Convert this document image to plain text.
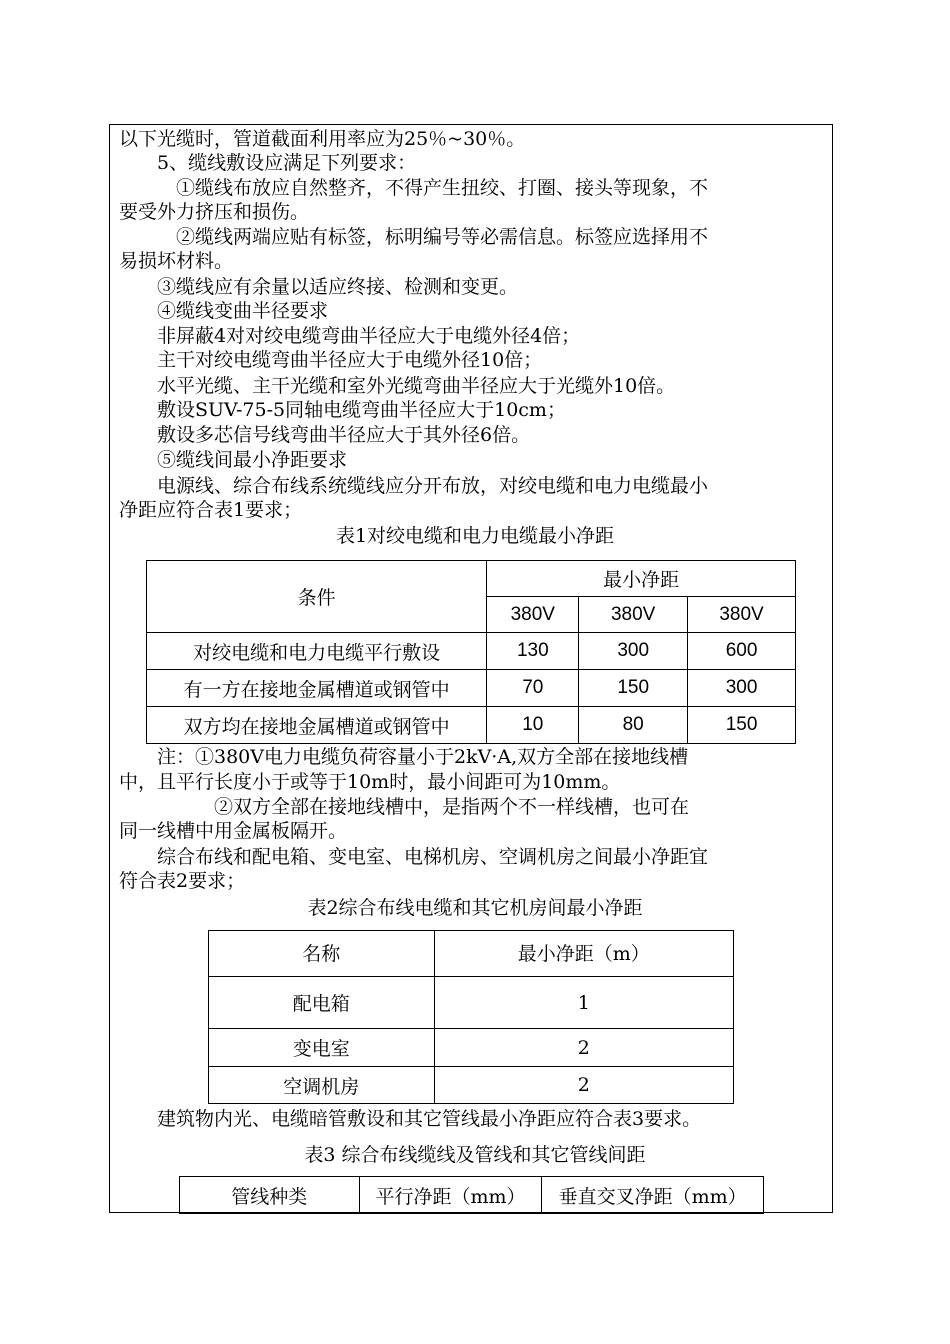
以下光缆时，管道截面利用率应为25％~30％。
　　5、缆线敷设应满足下列要求：
　　　①缆线布放应自然整齐，不得产生扭绞、打圈、接头等现象，不
要受外力挤压和损伤。
　　　②缆线两端应贴有标签，标明编号等必需信息。标签应选择用不
易损坏材料。
　　③缆线应有余量以适应终接、检测和变更。
　　④缆线变曲半径要求
　　非屏蔽4对对绞电缆弯曲半径应大于电缆外径4倍；
　　主干对绞电缆弯曲半径应大于电缆外径10倍；
　　水平光缆、主干光缆和室外光缆弯曲半径应大于光缆外10倍。
　　敷设SUV-75-5同轴电缆弯曲半径应大于10cm；
　　敷设多芯信号线弯曲半径应大于其外径6倍。
　　⑤缆线间最小净距要求
　　电源线、综合布线系统缆线应分开布放，对绞电缆和电力电缆最小
净距应符合表1要求；
表1对绞电缆和电力电缆最小净距
条件	最小净距		
	380V	380V	380V
对绞电缆和电力电缆平行敷设	130	300	600
有一方在接地金属槽道或钢管中	70	150	300
双方均在接地金属槽道或钢管中	10	80	150
　　注：①380V电力电缆负荷容量小于2kV·A,双方全部在接地线槽
中，且平行长度小于或等于10m时，最小间距可为10mm。
　　　　　②双方全部在接地线槽中，是指两个不一样线槽，也可在
同一线槽中用金属板隔开。
　　综合布线和配电箱、变电室、电梯机房、空调机房之间最小净距宜
符合表2要求；
表2综合布线电缆和其它机房间最小净距
名称	最小净距（m）
配电箱	1
变电室	2
空调机房	2
　　建筑物内光、电缆暗管敷设和其它管线最小净距应符合表3要求。
表3 综合布线缆线及管线和其它管线间距
管线种类	平行净距（mm）	垂直交叉净距（mm）
